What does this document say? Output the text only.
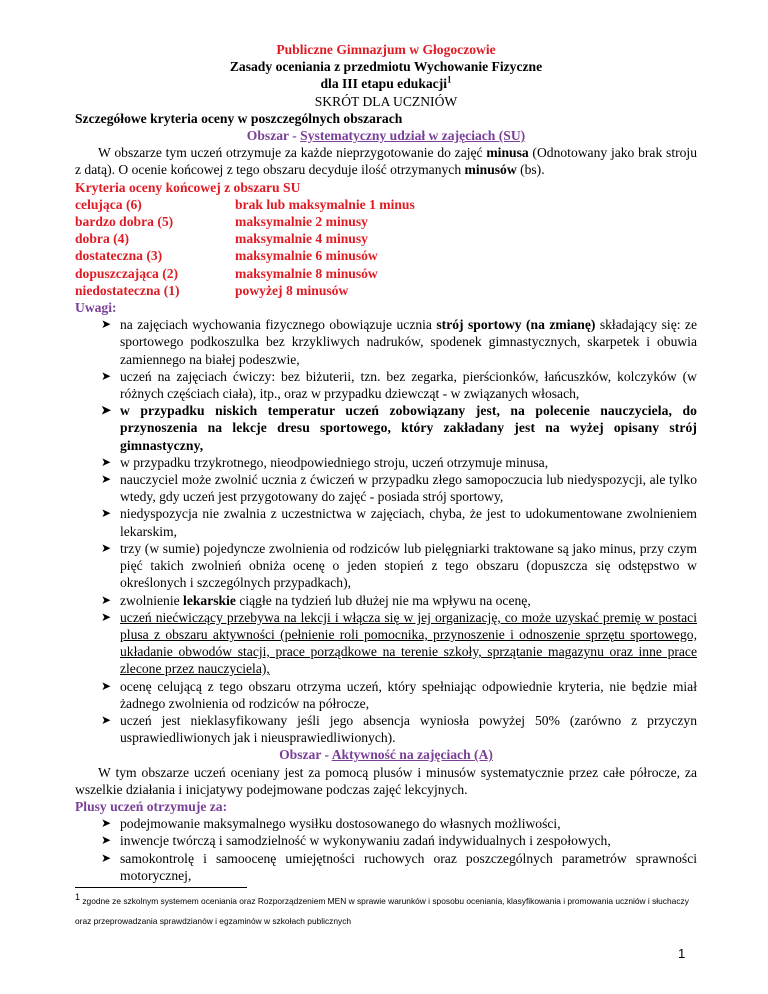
Publiczne Gimnazjum w Głogoczowie

Zasady oceniania z przedmiotu Wychowanie Fizyczne

dla III etapu edukacji$^1$

SKRÓT DLA UCZNIÓW

Szczegółowe kryteria oceny w poszczególnych obszarach

Obszar - Systematyczny udział w zajęciach (SU)

W obszarze tym uczeń otrzymuje za każde nieprzygotowanie do zajęć minusa (Odnotowany jako brak stroju z datą). O ocenie końcowej z tego obszaru decyduje ilość otrzymanych minusów (bs).

Kryteria oceny końcowej z obszaru SU

celująca (6)	brak lub maksymalnie 1 minus
bardzo dobra (5)	maksymalnie 2 minusy
dobra (4)	maksymalnie 4 minusy
dostateczna (3)	maksymalnie 6 minusów
dopuszczająca (2)	maksymalnie 8 minusów
niedostateczna (1)	powyżej 8 minusów

Uwagi:

➤ na zajęciach wychowania fizycznego obowiązuje ucznia strój sportowy (na zmianę) składający się: ze sportowego podkoszulka bez krzykliwych nadruków, spodenek gimnastycznych, skarpetek i obuwia zamiennego na białej podeszwie,
➤ uczeń na zajęciach ćwiczy: bez biżuterii, tzn. bez zegarka, pierścionków, łańcuszków, kolczyków (w różnych częściach ciała), itp., oraz w przypadku dziewcząt - w związanych włosach,
➤ w przypadku niskich temperatur uczeń zobowiązany jest, na polecenie nauczyciela, do przynoszenia na lekcje dresu sportowego, który zakładany jest na wyżej opisany strój gimnastyczny,
➤ w przypadku trzykrotnego, nieodpowiedniego stroju, uczeń otrzymuje minusa,
➤ nauczyciel może zwolnić ucznia z ćwiczeń w przypadku złego samopoczucia lub niedyspozycji, ale tylko wtedy, gdy uczeń jest przygotowany do zajęć - posiada strój sportowy,
➤ niedyspozycja nie zwalnia z uczestnictwa w zajęciach, chyba, że jest to udokumentowane zwolnieniem lekarskim,
➤ trzy (w sumie) pojedyncze zwolnienia od rodziców lub pielęgniarki traktowane są jako minus, przy czym pięć takich zwolnień obniża ocenę o jeden stopień z tego obszaru (dopuszcza się odstępstwo w określonych i szczególnych przypadkach),
➤ zwolnienie lekarskie ciągłe na tydzień lub dłużej nie ma wpływu na ocenę,
➤ uczeń niećwiczący przebywa na lekcji i włącza się w jej organizację, co może uzyskać premię w postaci plusa z obszaru aktywności (pełnienie roli pomocnika, przynoszenie i odnoszenie sprzętu sportowego, układanie obwodów stacji, prace porządkowe na terenie szkoły, sprzątanie magazynu oraz inne prace zlecone przez nauczyciela),
➤ ocenę celującą z tego obszaru otrzyma uczeń, który spełniając odpowiednie kryteria, nie będzie miał żadnego zwolnienia od rodziców na półrocze,
➤ uczeń jest nieklasyfikowany jeśli jego absencja wyniosła powyżej 50% (zarówno z przyczyn usprawiedliwionych jak i nieusprawiedliwionych).

Obszar - Aktywność na zajęciach (A)

W tym obszarze uczeń oceniany jest za pomocą plusów i minusów systematycznie przez całe półrocze, za wszelkie działania i inicjatywy podejmowane podczas zajęć lekcyjnych.

Plusy uczeń otrzymuje za:

➤ podejmowanie maksymalnego wysiłku dostosowanego do własnych możliwości,
➤ inwencje twórczą i samodzielność w wykonywaniu zadań indywidualnych i zespołowych,
➤ samokontrolę i samoocenę umiejętności ruchowych oraz poszczególnych parametrów sprawności motorycznej,
$^1$ zgodne ze szkolnym systemem oceniania oraz Rozporządzeniem MEN w sprawie warunków i sposobu oceniania, klasyfikowania i promowania uczniów i słuchaczy oraz przeprowadzania sprawdzianów i egzaminów w szkołach publicznych
1
